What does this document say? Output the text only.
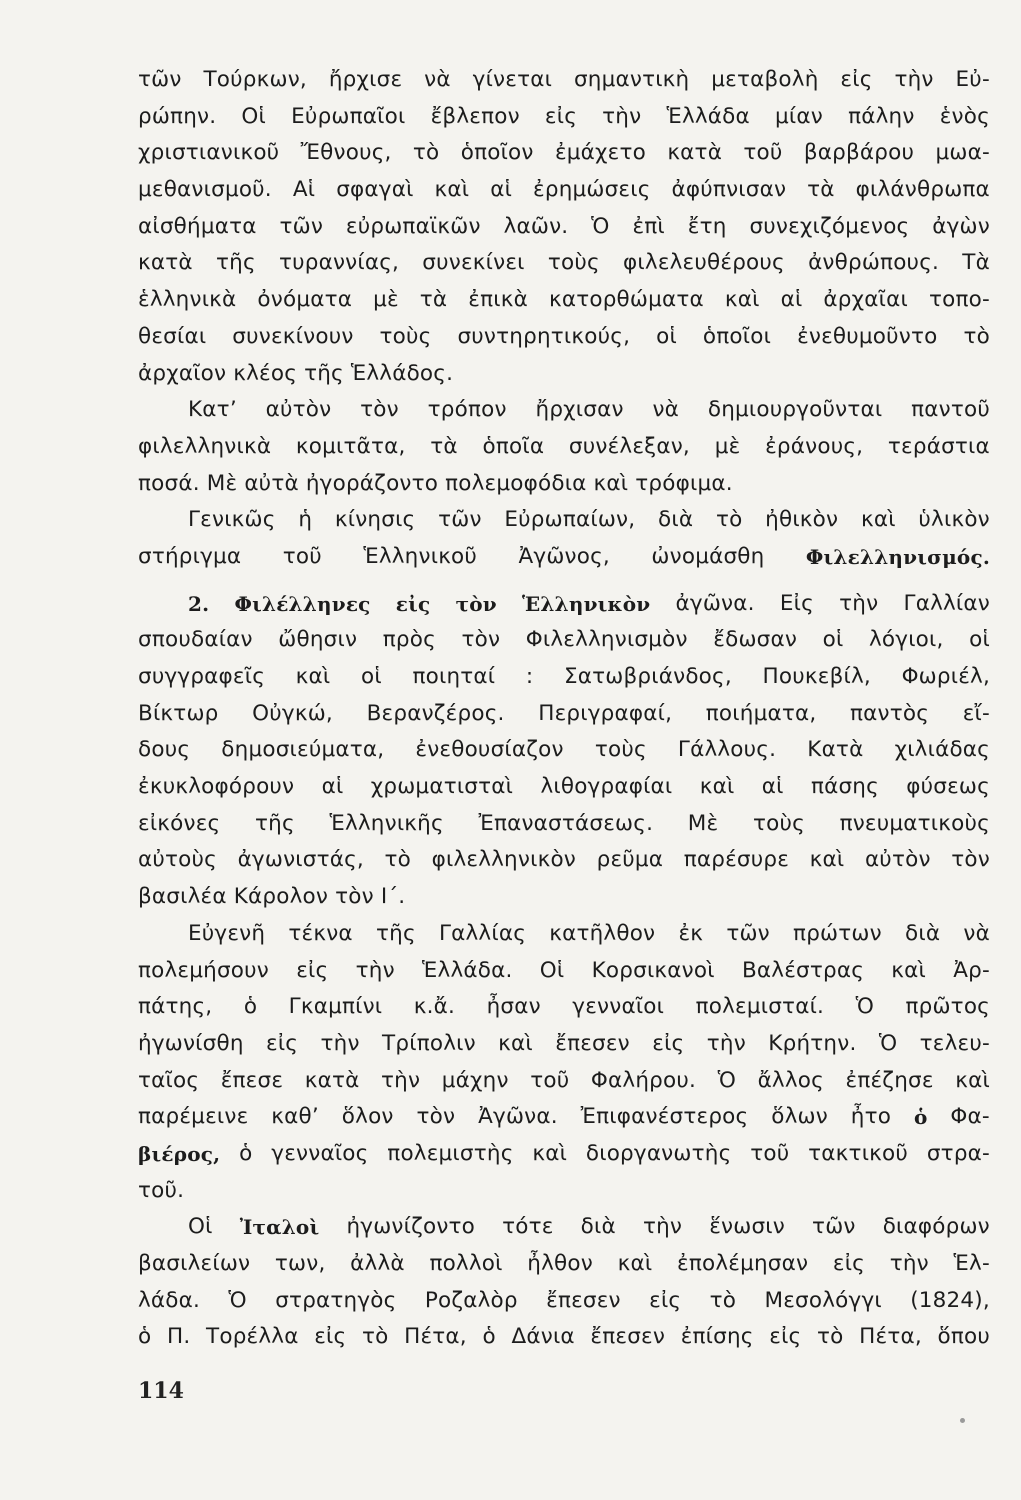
τῶν Τούρκων, ἤρχισε νὰ γίνεται σημαντικὴ μεταβολὴ εἰς τὴν Εὐ-
ρώπην. Οἱ Εὐρωπαῖοι ἔβλεπον εἰς τὴν Ἑλλάδα μίαν πάλην ἑνὸς
χριστιανικοῦ Ἔθνους, τὸ ὁποῖον ἐμάχετο κατὰ τοῦ βαρβάρου μωα-
μεθανισμοῦ. Αἱ σφαγαὶ καὶ αἱ ἐρημώσεις ἀφύπνισαν τὰ φιλάνθρωπα
αἰσθήματα τῶν εὐρωπαϊκῶν λαῶν. Ὁ ἐπὶ ἔτη συνεχιζόμενος ἀγὼν
κατὰ τῆς τυραννίας, συνεκίνει τοὺς φιλελευθέρους ἀνθρώπους. Τὰ
ἑλληνικὰ ὀνόματα μὲ τὰ ἐπικὰ κατορθώματα καὶ αἱ ἀρχαῖαι τοπο-
θεσίαι συνεκίνουν τοὺς συντηρητικούς, οἱ ὁποῖοι ἐνεθυμοῦντο τὸ
ἀρχαῖον κλέος τῆς Ἑλλάδος.
Κατ’ αὐτὸν τὸν τρόπον ἤρχισαν νὰ δημιουργοῦνται παντοῦ
φιλελληνικὰ κομιτᾶτα, τὰ ὁποῖα συνέλεξαν, μὲ ἐράνους, τεράστια
ποσά. Μὲ αὐτὰ ἠγοράζοντο πολεμοφόδια καὶ τρόφιμα.
Γενικῶς ἡ κίνησις τῶν Εὐρωπαίων, διὰ τὸ ἠθικὸν καὶ ὑλικὸν
στήριγμα τοῦ Ἑλληνικοῦ Ἀγῶνος, ὠνομάσθη Φιλελληνισμός.
2. Φιλέλληνες εἰς τὸν Ἑλληνικὸν ἀγῶνα. Εἰς τὴν Γαλλίαν
σπουδαίαν ὤθησιν πρὸς τὸν Φιλελληνισμὸν ἔδωσαν οἱ λόγιοι, οἱ
συγγραφεῖς καὶ οἱ ποιηταί : Σατωβριάνδος, Πουκεβίλ, Φωριέλ,
Βίκτωρ Οὐγκώ, Βερανζέρος. Περιγραφαί, ποιήματα, παντὸς εἴ-
δους δημοσιεύματα, ἐνεθουσίαζον τοὺς Γάλλους. Κατὰ χιλιάδας
ἐκυκλοφόρουν αἱ χρωματισταὶ λιθογραφίαι καὶ αἱ πάσης φύσεως
εἰκόνες τῆς Ἑλληνικῆς Ἐπαναστάσεως. Μὲ τοὺς πνευματικοὺς
αὐτοὺς ἀγωνιστάς, τὸ φιλελληνικὸν ρεῦμα παρέσυρε καὶ αὐτὸν τὸν
βασιλέα Κάρολον τὸν Ι΄.
Εὐγενῆ τέκνα τῆς Γαλλίας κατῆλθον ἐκ τῶν πρώτων διὰ νὰ
πολεμήσουν εἰς τὴν Ἑλλάδα. Οἱ Κορσικανοὶ Βαλέστρας καὶ Ἀρ-
πάτης, ὁ Γκαμπίνι κ.ἄ. ἦσαν γενναῖοι πολεμισταί. Ὁ πρῶτος
ἠγωνίσθη εἰς τὴν Τρίπολιν καὶ ἔπεσεν εἰς τὴν Κρήτην. Ὁ τελευ-
ταῖος ἔπεσε κατὰ τὴν μάχην τοῦ Φαλήρου. Ὁ ἄλλος ἐπέζησε καὶ
παρέμεινε καθ’ ὅλον τὸν Ἀγῶνα. Ἐπιφανέστερος ὅλων ἦτο ὁ Φα-
βιέρος, ὁ γενναῖος πολεμιστὴς καὶ διοργανωτὴς τοῦ τακτικοῦ στρα-
τοῦ.
Οἱ Ἰταλοὶ ἠγωνίζοντο τότε διὰ τὴν ἕνωσιν τῶν διαφόρων
βασιλείων των, ἀλλὰ πολλοὶ ἦλθον καὶ ἐπολέμησαν εἰς τὴν Ἑλ-
λάδα. Ὁ στρατηγὸς Ροζαλὸρ ἔπεσεν εἰς τὸ Μεσολόγγι (1824),
ὁ Π. Τορέλλα εἰς τὸ Πέτα, ὁ Δάνια ἔπεσεν ἐπίσης εἰς τὸ Πέτα, ὅπου
114
